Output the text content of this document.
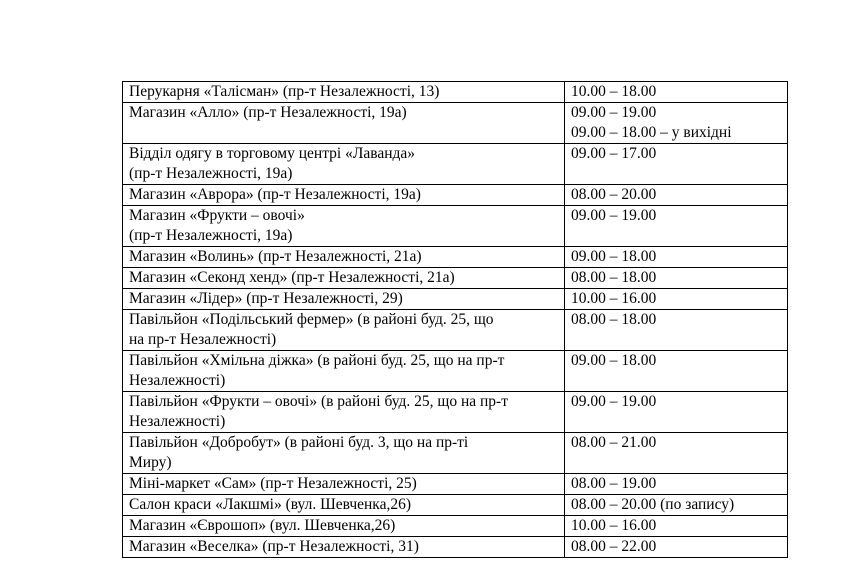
Перукарня «Талісман» (пр-т Незалежності, 13)	10.00 – 18.00
Магазин «Алло» (пр-т Незалежності, 19а)	09.00 – 19.00
09.00 – 18.00 – у вихідні
Відділ одягу в торговому центрі «Лаванда»
(пр-т Незалежності, 19а)	09.00 – 17.00
Магазин «Аврора» (пр-т Незалежності, 19а)	08.00 – 20.00
Магазин «Фрукти – овочі»
(пр-т Незалежності, 19а)	09.00 – 19.00
Магазин «Волинь» (пр-т Незалежності, 21а)	09.00 – 18.00
Магазин «Секонд хенд» (пр-т Незалежності, 21а)	08.00 – 18.00
Магазин «Лідер» (пр-т Незалежності, 29)	10.00 – 16.00
Павільйон «Подільський фермер» (в районі буд. 25, що
на пр-т Незалежності)	08.00 – 18.00
Павільйон «Хмільна діжка» (в районі буд. 25, що на пр-т
Незалежності)	09.00 – 18.00
Павільйон «Фрукти – овочі» (в районі буд. 25, що на пр-т
Незалежності)	09.00 – 19.00
Павільйон «Добробут» (в районі буд. 3, що на пр-ті
Миру)	08.00 – 21.00
Міні-маркет «Сам» (пр-т Незалежності, 25)	08.00 – 19.00
Салон краси «Лакшмі» (вул. Шевченка,26)	08.00 – 20.00 (по запису)
Магазин «Єврошоп» (вул. Шевченка,26)	10.00 – 16.00
Магазин «Веселка» (пр-т Незалежності, 31)	08.00 – 22.00
